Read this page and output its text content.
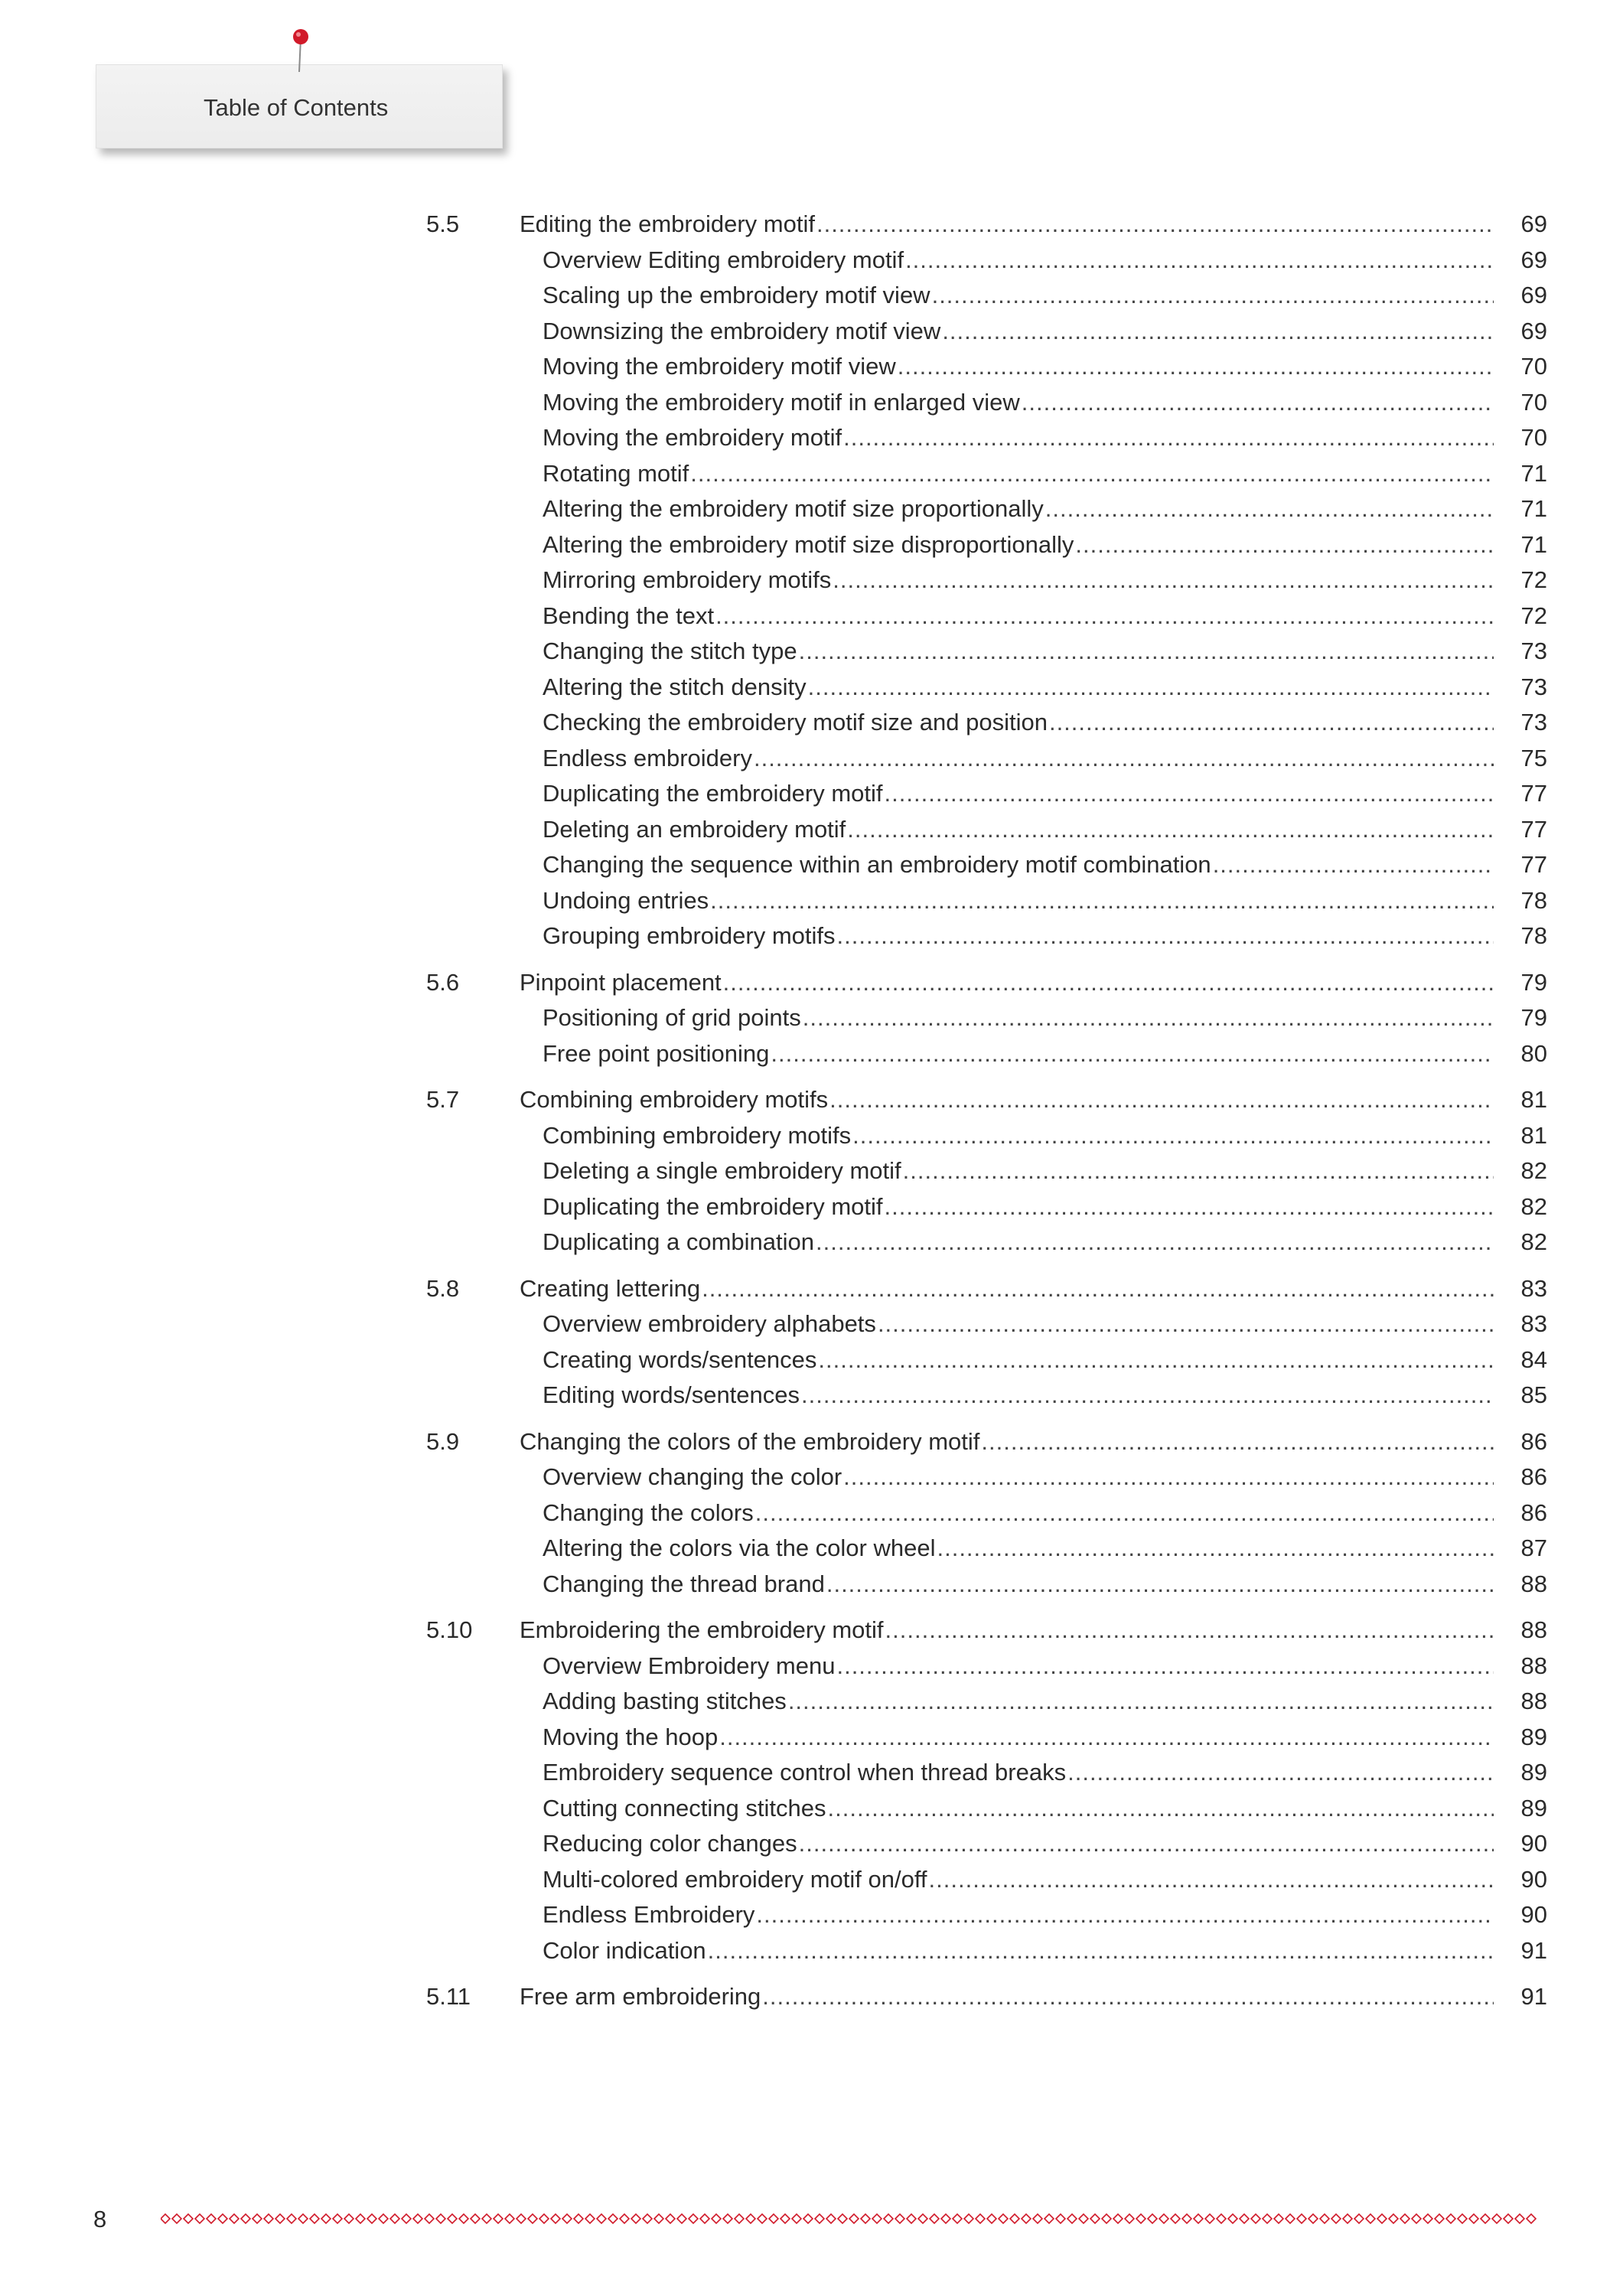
Table of Contents
5.5	Editing the embroidery motif .....	69
Overview Editing embroidery motif .....	69
Scaling up the embroidery motif view .....	69
Downsizing the embroidery motif view .....	69
Moving the embroidery motif view .....	70
Moving the embroidery motif in enlarged view .....	70
Moving the embroidery motif .....	70
Rotating motif .....	71
Altering the embroidery motif size proportionally .....	71
Altering the embroidery motif size disproportionally .....	71
Mirroring embroidery motifs .....	72
Bending the text .....	72
Changing the stitch type .....	73
Altering the stitch density .....	73
Checking the embroidery motif size and position .....	73
Endless embroidery .....	75
Duplicating the embroidery motif .....	77
Deleting an embroidery motif .....	77
Changing the sequence within an embroidery motif combination .....	77
Undoing entries .....	78
Grouping embroidery motifs .....	78
5.6	Pinpoint placement .....	79
Positioning of grid points .....	79
Free point positioning .....	80
5.7	Combining embroidery motifs .....	81
Combining embroidery motifs .....	81
Deleting a single embroidery motif .....	82
Duplicating the embroidery motif .....	82
Duplicating a combination .....	82
5.8	Creating lettering .....	83
Overview embroidery alphabets .....	83
Creating words/sentences .....	84
Editing words/sentences .....	85
5.9	Changing the colors of the embroidery motif .....	86
Overview changing the color .....	86
Changing the colors .....	86
Altering the colors via the color wheel .....	87
Changing the thread brand .....	88
5.10	Embroidering the embroidery motif .....	88
Overview Embroidery menu .....	88
Adding basting stitches .....	88
Moving the hoop .....	89
Embroidery sequence control when thread breaks .....	89
Cutting connecting stitches .....	89
Reducing color changes .....	90
Multi-colored embroidery motif on/off .....	90
Endless Embroidery .....	90
Color indication .....	91
5.11	Free arm embroidering .....	91
8
